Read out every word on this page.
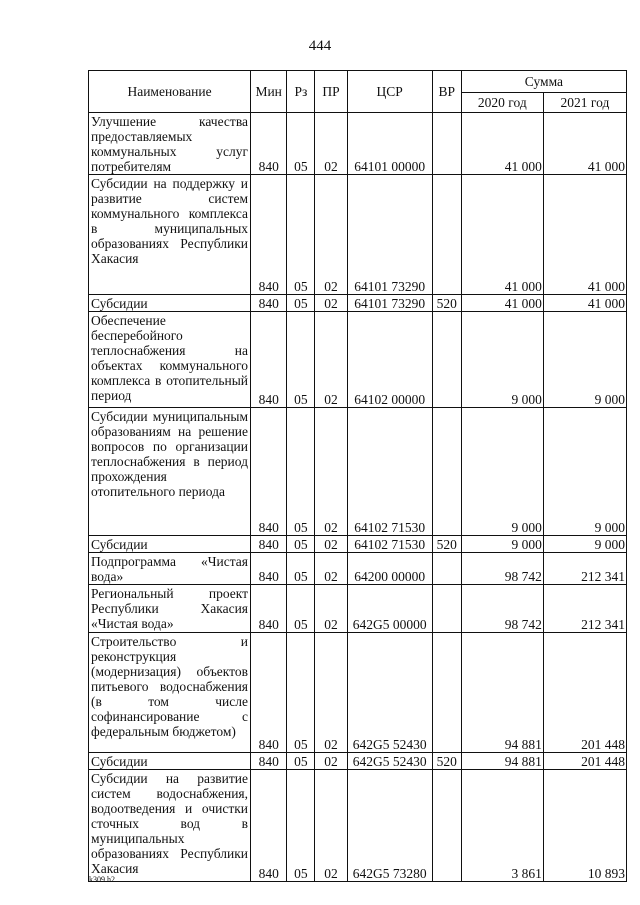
444
Наименование	Мин	Рз	ПР	ЦСР	ВР	Сумма	
						2020 год	2021 год
Улучшение качества предоставляемых коммунальных услуг потребителям	840	05	02	64101 00000		41 000	41 000
Субсидии на поддержку и развитие систем коммунального комплекса в муниципальных образованиях Республики Хакасия	840	05	02	64101 73290		41 000	41 000
Субсидии	840	05	02	64101 73290	520	41 000	41 000
Обеспечение бесперебойного теплоснабжения на объектах коммунального комплекса в отопительный период	840	05	02	64102 00000		9 000	9 000
Субсидии муниципальным образованиям на решение вопросов по организации теплоснабжения в период прохождения отопительного периода	840	05	02	64102 71530		9 000	9 000
Субсидии	840	05	02	64102 71530	520	9 000	9 000
Подпрограмма «Чистая вода»	840	05	02	64200 00000		98 742	212 341
Региональный проект Республики Хакасия «Чистая вода»	840	05	02	642G5 00000		98 742	212 341
Строительство и реконструкция (модернизация) объектов питьевого водоснабжения (в том числе софинансирование с федеральным бюджетом)	840	05	02	642G5 52430		94 881	201 448
Субсидии	840	05	02	642G5 52430	520	94 881	201 448
Субсидии на развитие систем водоснабжения, водоотведения и очистки сточных вод в муниципальных образованиях Республики Хакасия	840	05	02	642G5 73280		3 861	10 893
k309 h2
